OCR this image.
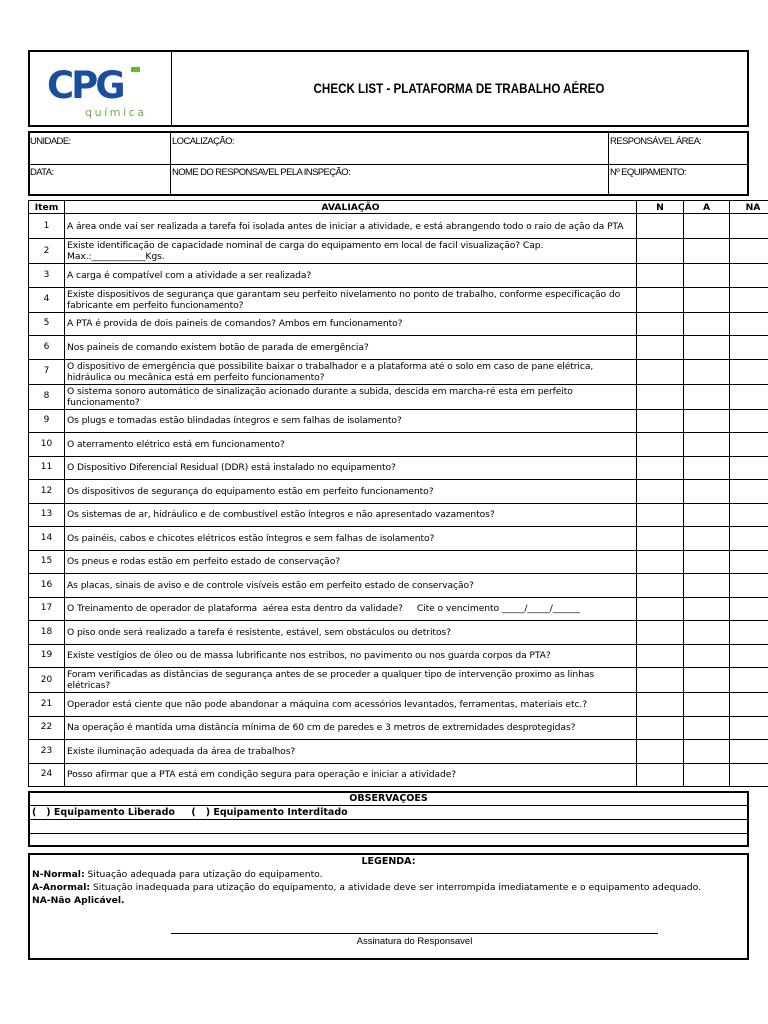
CPG
química
CHECK LIST - PLATAFORMA DE TRABALHO AÉREO
UNIDADE:	LOCALIZAÇÃO:	RESPONSÁVEL ÁREA:
DATA:	NOME DO RESPONSAVEL PELA INSPEÇÃO:	Nº EQUIPAMENTO:
Item	AVALIAÇÃO	N	A	NA
1	A área onde vai ser realizada a tarefa foi isolada antes de iniciar a atividade, e está abrangendo todo o raio de ação da PTA			
2	Existe identificação de capacidade nominal de carga do equipamento em local de facil visualização? Cap. Max.:____________Kgs.			
3	A carga é compatível com a atividade a ser realizada?			
4	Existe dispositivos de segurança que garantam seu perfeito nivelamento no ponto de trabalho, conforme especificação do fabricante em perfeito funcionamento?			
5	A PTA é provida de dois paineis de comandos? Ambos em funcionamento?			
6	Nos paineis de comando existem botão de parada de emergência?			
7	O dispositivo de emergência que possibilite baixar o trabalhador e a plataforma até o solo em caso de pane elétrica, hidráulica ou mecânica está em perfeito funcionamento?			
8	O sistema sonoro automático de sinalização acionado durante a subida, descida em marcha-ré esta em perfeito funcionamento?			
9	Os plugs e tomadas estão blindadas íntegros e sem falhas de isolamento?			
10	O aterramento elétrico está em funcionamento?			
11	O Dispositivo Diferencial Residual (DDR) está instalado no equipamento?			
12	Os dispositivos de segurança do equipamento estão em perfeito funcionamento?			
13	Os sistemas de ar, hidráulico e de combustível estão íntegros e não apresentado vazamentos?			
14	Os painéis, cabos e chicotes elétricos estão íntegros e sem falhas de isolamento?			
15	Os pneus e rodas estão em perfeito estado de conservação?			
16	As placas, sinais de aviso e de controle visíveis estão em perfeito estado de conservação?			
17	O Treinamento de operador de plataforma  aérea esta dentro da validade?     Cite o vencimento _____/_____/______			
18	O piso onde será realizado a tarefa é resistente, estável, sem obstáculos ou detritos?			
19	Existe vestígios de óleo ou de massa lubrificante nos estribos, no pavimento ou nos guarda corpos da PTA?			
20	Foram verificadas as distâncias de segurança antes de se proceder a qualquer tipo de intervenção proximo as linhas elétricas?			
21	Operador está ciente que não pode abandonar a máquina com acessórios levantados, ferramentas, materiais etc.?			
22	Na operação é mantida uma distância mínima de 60 cm de paredes e 3 metros de extremidades desprotegidas?			
23	Existe iluminação adequada da área de trabalhos?			
24	Posso afirmar que a PTA está em condição segura para operação e iniciar a atividade?			
OBSERVAÇÕES
(   ) Equipamento Liberado     (   ) Equipamento Interditado
LEGENDA:
N-Normal: Situação adequada para utização do equipamento.
A-Anormal: Situação inadequada para utização do equipamento, a atividade deve ser interrompida imediatamente e o equipamento adequado.
NA-Não Aplicável.
Assinatura do Responsavel
